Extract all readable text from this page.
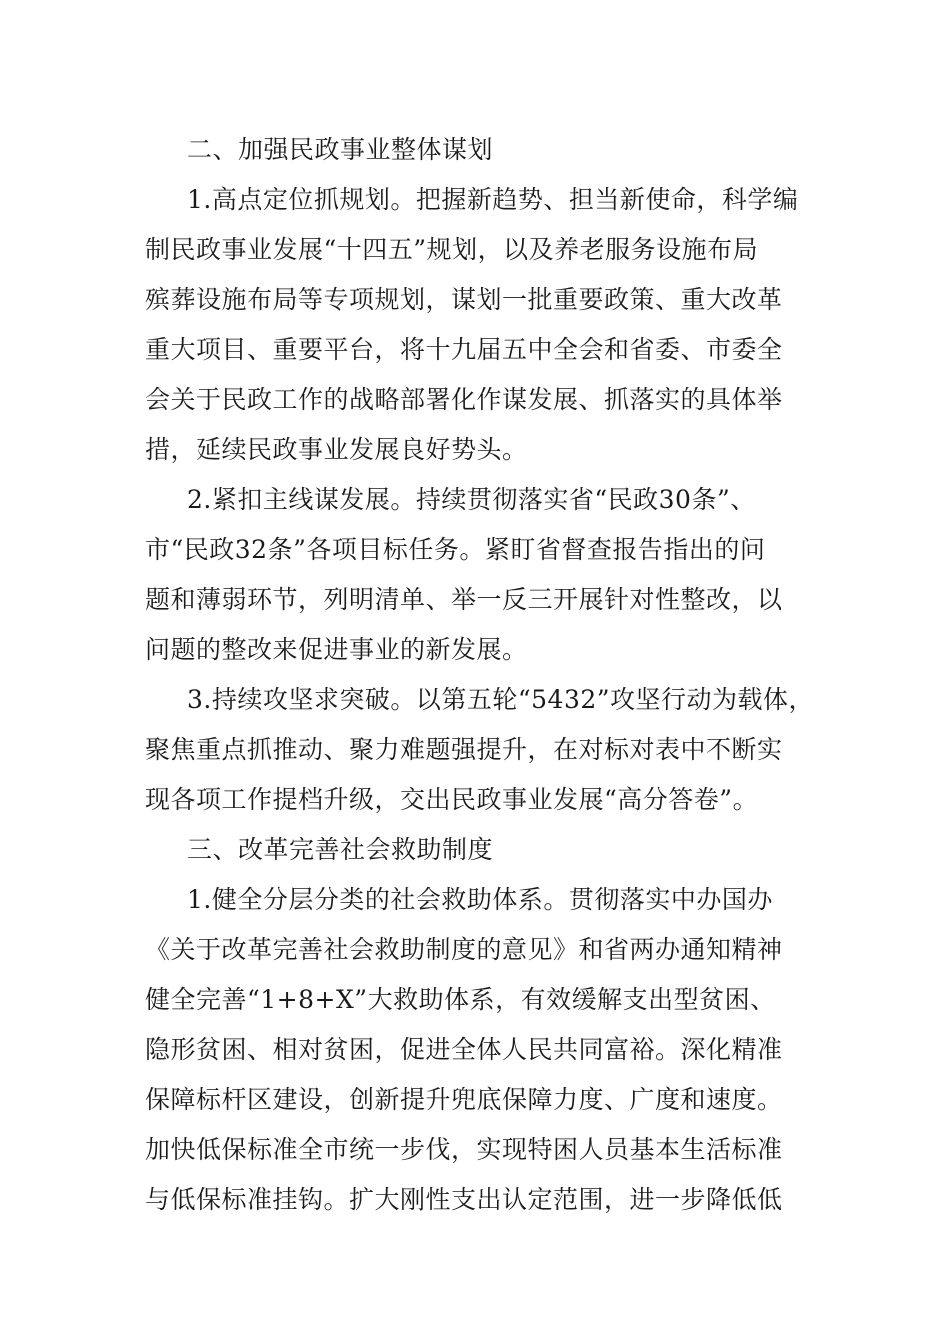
二、加强民政事业整体谋划
1.高点定位抓规划。把握新趋势、担当新使命，科学编
制民政事业发展“十四五”规划，以及养老服务设施布局
殡葬设施布局等专项规划，谋划一批重要政策、重大改革
重大项目、重要平台，将十九届五中全会和省委、市委全
会关于民政工作的战略部署化作谋发展、抓落实的具体举
措，延续民政事业发展良好势头。
2.紧扣主线谋发展。持续贯彻落实省“民政30条”、
市“民政32条”各项目标任务。紧盯省督查报告指出的问
题和薄弱环节，列明清单、举一反三开展针对性整改，以
问题的整改来促进事业的新发展。
3.持续攻坚求突破。以第五轮“5432”攻坚行动为载体，
聚焦重点抓推动、聚力难题强提升，在对标对表中不断实
现各项工作提档升级，交出民政事业发展“高分答卷”。
三、改革完善社会救助制度
1.健全分层分类的社会救助体系。贯彻落实中办国办
《关于改革完善社会救助制度的意见》和省两办通知精神
健全完善“1+8+X”大救助体系，有效缓解支出型贫困、
隐形贫困、相对贫困，促进全体人民共同富裕。深化精准
保障标杆区建设，创新提升兜底保障力度、广度和速度。
加快低保标准全市统一步伐，实现特困人员基本生活标准
与低保标准挂钩。扩大刚性支出认定范围，进一步降低低
